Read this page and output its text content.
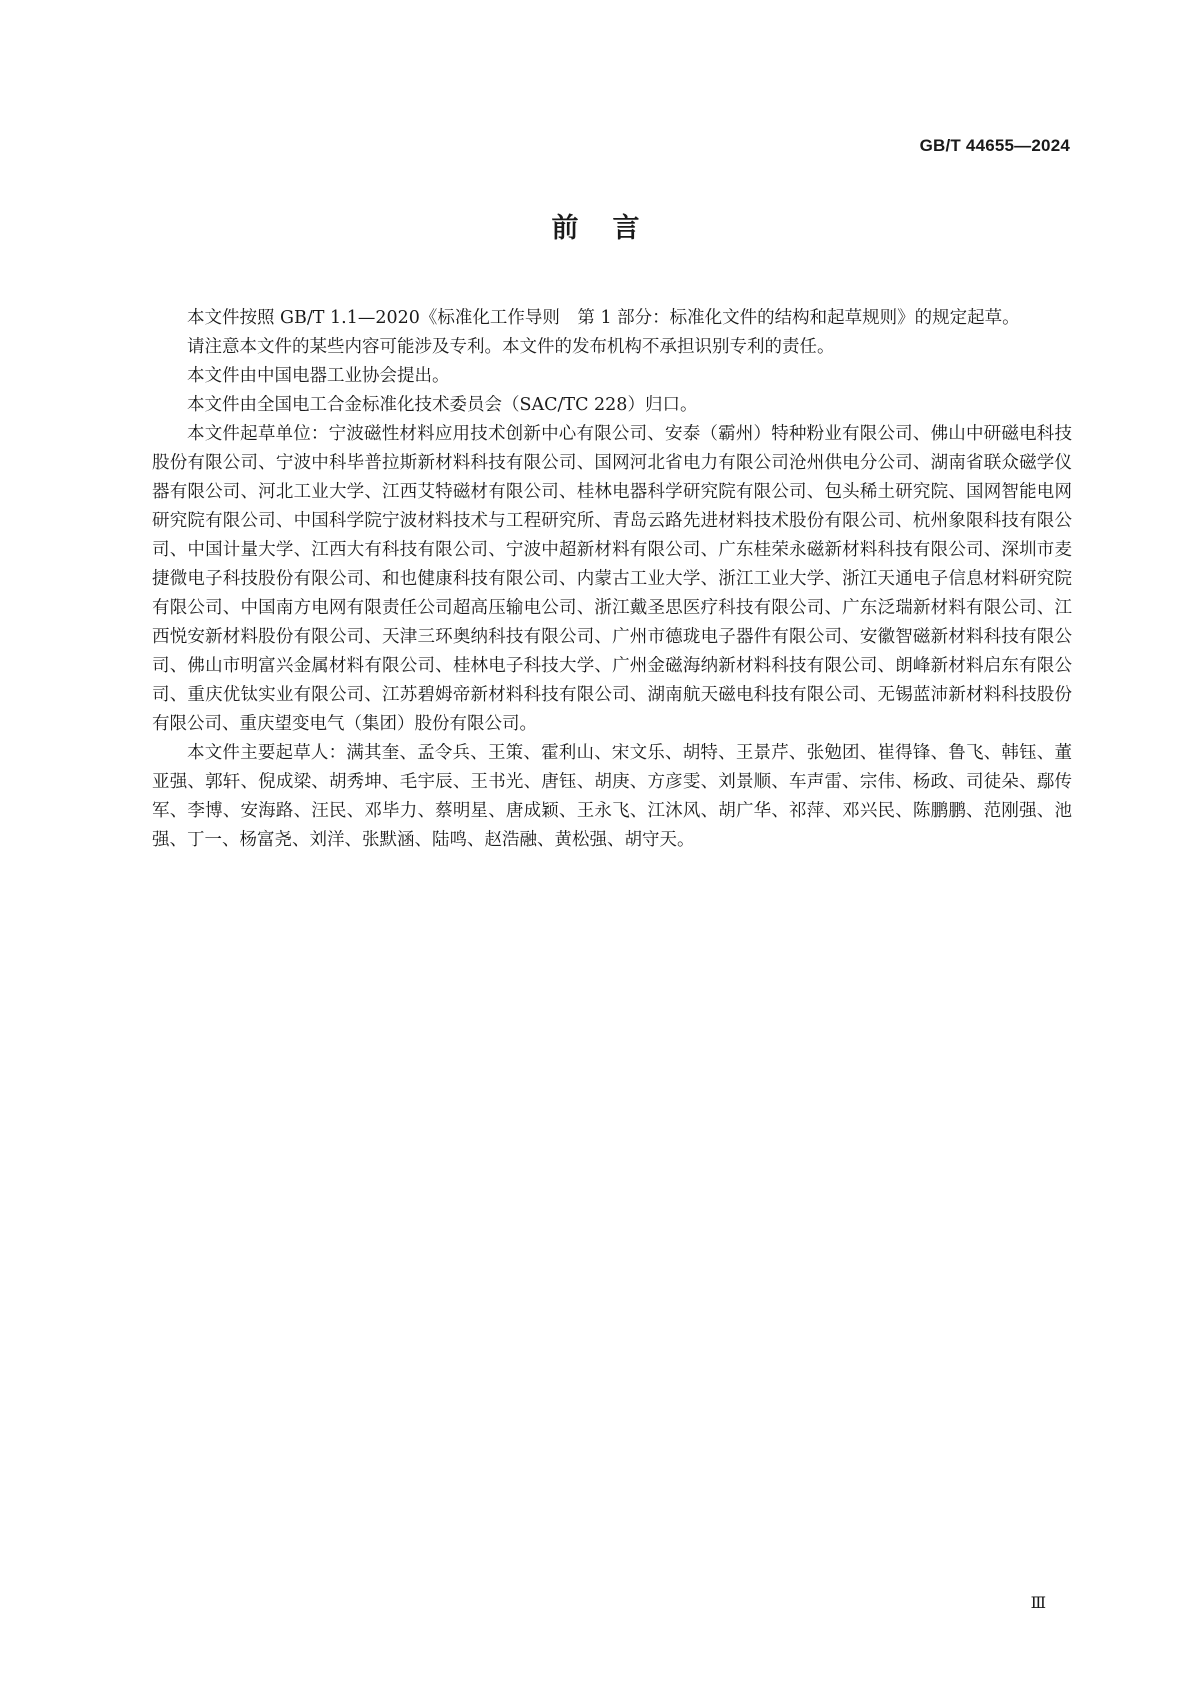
GB/T 44655—2024
前言

本文件按照 GB/T 1.1—2020《标准化工作导则　第 1 部分：标准化文件的结构和起草规则》的规定起草。

请注意本文件的某些内容可能涉及专利。本文件的发布机构不承担识别专利的责任。

本文件由中国电器工业协会提出。

本文件由全国电工合金标准化技术委员会（SAC/TC 228）归口。

本文件起草单位：宁波磁性材料应用技术创新中心有限公司、安泰（霸州）特种粉业有限公司、佛山中研磁电科技股份有限公司、宁波中科毕普拉斯新材料科技有限公司、国网河北省电力有限公司沧州供电分公司、湖南省联众磁学仪器有限公司、河北工业大学、江西艾特磁材有限公司、桂林电器科学研究院有限公司、包头稀土研究院、国网智能电网研究院有限公司、中国科学院宁波材料技术与工程研究所、青岛云路先进材料技术股份有限公司、杭州象限科技有限公司、中国计量大学、江西大有科技有限公司、宁波中超新材料有限公司、广东桂荣永磁新材料科技有限公司、深圳市麦捷微电子科技股份有限公司、和也健康科技有限公司、内蒙古工业大学、浙江工业大学、浙江天通电子信息材料研究院有限公司、中国南方电网有限责任公司超高压输电公司、浙江戴圣思医疗科技有限公司、广东泛瑞新材料有限公司、江西悦安新材料股份有限公司、天津三环奥纳科技有限公司、广州市德珑电子器件有限公司、安徽智磁新材料科技有限公司、佛山市明富兴金属材料有限公司、桂林电子科技大学、广州金磁海纳新材料科技有限公司、朗峰新材料启东有限公司、重庆优钛实业有限公司、江苏碧姆帝新材料科技有限公司、湖南航天磁电科技有限公司、无锡蓝沛新材料科技股份有限公司、重庆望变电气（集团）股份有限公司。

本文件主要起草人：满其奎、孟令兵、王策、霍利山、宋文乐、胡特、王景芹、张勉团、崔得锋、鲁飞、韩钰、董亚强、郭轩、倪成梁、胡秀坤、毛宇辰、王书光、唐钰、胡庚、方彦雯、刘景顺、车声雷、宗伟、杨政、司徒朵、鄢传军、李博、安海路、汪民、邓毕力、蔡明星、唐成颖、王永飞、江沐风、胡广华、祁萍、邓兴民、陈鹏鹏、范刚强、池强、丁一、杨富尧、刘洋、张默涵、陆鸣、赵浩融、黄松强、胡守天。

Ⅲ
